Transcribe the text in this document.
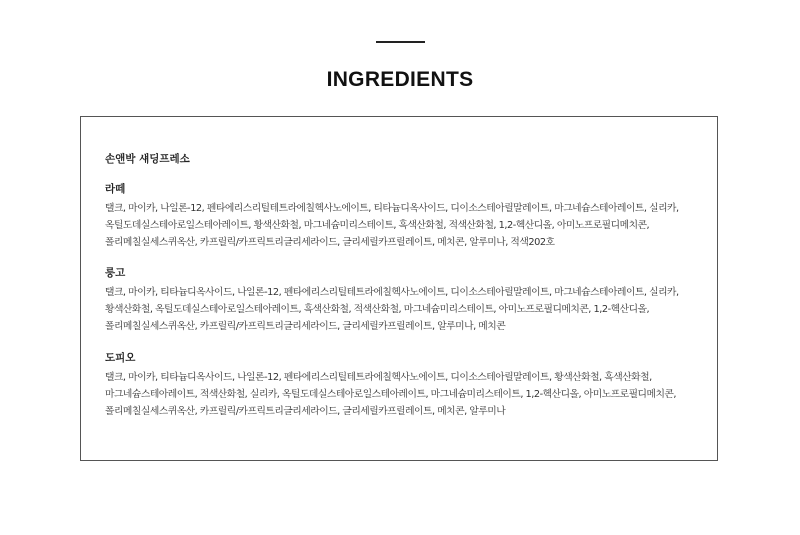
INGREDIENTS
손앤박 섀딩프레소
라떼
탤크, 마이카, 나일론-12, 펜타에리스리틸테트라에칠헥사노에이트, 티타늄디옥사이드, 디이소스테아릴말레이트, 마그네슘스테아레이트, 실리카, 옥틸도데실스테아로일스테아레이트, 황색산화철, 마그네슘미리스테이트, 흑색산화철, 적색산화철, 1,2-헥산디올, 아미노프로필디메치콘, 폴리메칠실세스퀴옥산, 카프릴릭/카프릭트리글리세라이드, 글리세릴카프릴레이트, 메치콘, 알루미나, 적색202호
룽고
탤크, 마이카, 티타늄디옥사이드, 나일론-12, 펜타에리스리틸테트라에칠헥사노에이트, 디이소스테아릴말레이트, 마그네슘스테아레이트, 실리카, 황색산화철, 옥틸도데실스테아로일스테아레이트, 흑색산화철, 적색산화철, 마그네슘미리스테이트, 아미노프로필디메치콘, 1,2-헥산디올, 폴리메칠실세스퀴옥산, 카프릴릭/카프릭트리글리세라이드, 글리세릴카프릴레이트, 알루미나, 메치콘
도피오
탤크, 마이카, 티타늄디옥사이드, 나일론-12, 펜타에리스리틸테트라에칠헥사노에이트, 디이소스테아릴말레이트, 황색산화철, 흑색산화철, 마그네슘스테아레이트, 적색산화철, 실리카, 옥틸도데실스테아로일스테아레이트, 마그네슘미리스테이트, 1,2-헥산디올, 아미노프로필디메치콘, 폴리메칠실세스퀴옥산, 카프릴릭/카프릭트리글리세라이드, 글리세릴카프릴레이트, 메치콘, 알루미나
